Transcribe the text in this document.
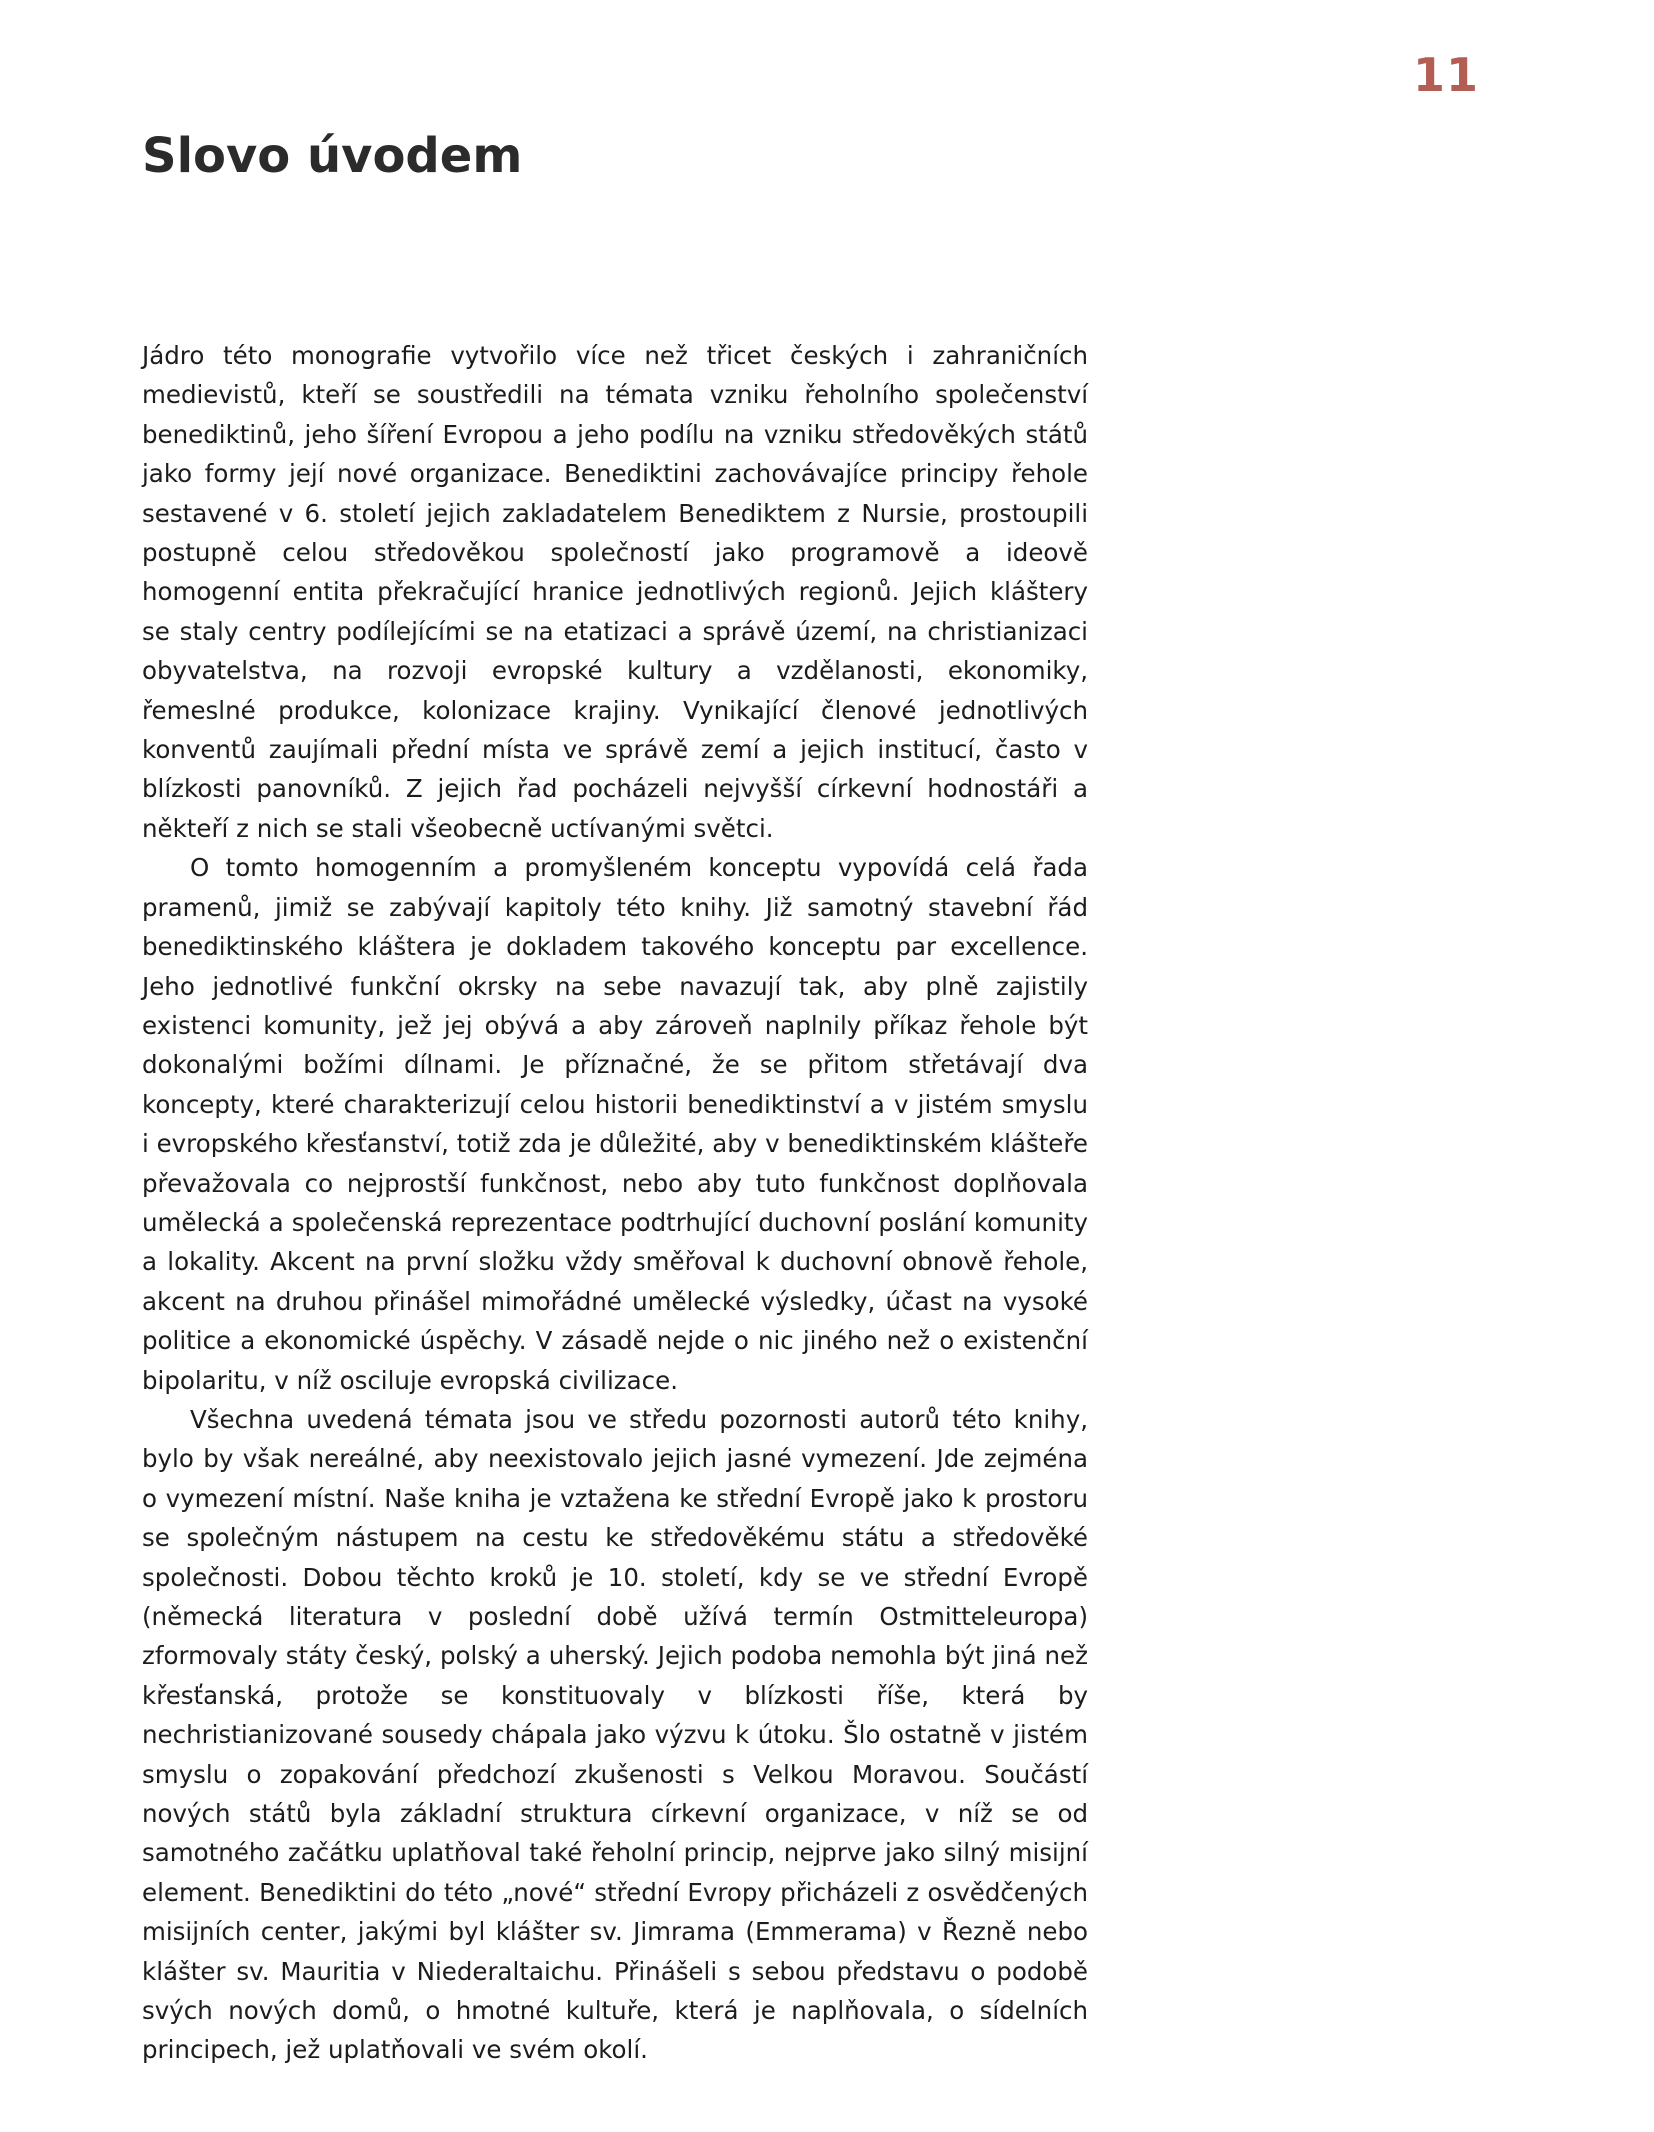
11
Slovo úvodem

Jádro této monografie vytvořilo více než třicet českých i zahraničních medievistů, kteří se soustředili na témata vzniku řeholního společenství benediktinů, jeho šíření Evropou a jeho podílu na vzniku středověkých států jako formy její nové organizace. Benediktini zachovávajíce principy řehole sestavené v 6. století jejich zakladatelem Benediktem z Nursie, prostoupili postupně celou středověkou společností jako programově a ideově homogenní entita překračující hranice jednotlivých regionů. Jejich kláštery se staly centry podílejícími se na etatizaci a správě území, na christianizaci obyvatelstva, na rozvoji evropské kultury a vzdělanosti, ekonomiky, řemeslné produkce, kolonizace krajiny. Vynikající členové jednotlivých konventů zaujímali přední místa ve správě zemí a jejich institucí, často v blízkosti panovníků. Z jejich řad pocházeli nejvyšší církevní hodnostáři a někteří z nich se stali všeobecně uctívanými světci.

O tomto homogenním a promyšleném konceptu vypovídá celá řada pramenů, jimiž se zabývají kapitoly této knihy. Již samotný stavební řád benediktinského kláštera je dokladem takového konceptu par excellence. Jeho jednotlivé funkční okrsky na sebe navazují tak, aby plně zajistily existenci komunity, jež jej obývá a aby zároveň naplnily příkaz řehole být dokonalými božími dílnami. Je příznačné, že se přitom střetávají dva koncepty, které charakterizují celou historii benediktinství a v jistém smyslu i evropského křesťanství, totiž zda je důležité, aby v benediktinském klášteře převažovala co nejprostší funkčnost, nebo aby tuto funkčnost doplňovala umělecká a společenská reprezentace podtrhující duchovní poslání komunity a lokality. Akcent na první složku vždy směřoval k duchovní obnově řehole, akcent na druhou přinášel mimořádné umělecké výsledky, účast na vysoké politice a ekonomické úspěchy. V zásadě nejde o nic jiného než o existenční bipolaritu, v níž osciluje evropská civilizace.

Všechna uvedená témata jsou ve středu pozornosti autorů této knihy, bylo by však nereálné, aby neexistovalo jejich jasné vymezení. Jde zejména o vymezení místní. Naše kniha je vztažena ke střední Evropě jako k prostoru se společným nástupem na cestu ke středověkému státu a středověké společnosti. Dobou těchto kroků je 10. století, kdy se ve střední Evropě (německá literatura v poslední době užívá termín Ostmitteleuropa) zformovaly státy český, polský a uherský. Jejich podoba nemohla být jiná než křesťanská, protože se konstituovaly v blízkosti říše, která by nechristianizované sousedy chápala jako výzvu k útoku. Šlo ostatně v jistém smyslu o zopakování předchozí zkušenosti s Velkou Moravou. Součástí nových států byla základní struktura církevní organizace, v níž se od samotného začátku uplatňoval také řeholní princip, nejprve jako silný misijní element. Benediktini do této „nové“ střední Evropy přicházeli z osvědčených misijních center, jakými byl klášter sv. Jimrama (Emmerama) v Řezně nebo klášter sv. Mauritia v Niederaltaichu. Přinášeli s sebou představu o podobě svých nových domů, o hmotné kultuře, která je naplňovala, o sídelních principech, jež uplatňovali ve svém okolí.
